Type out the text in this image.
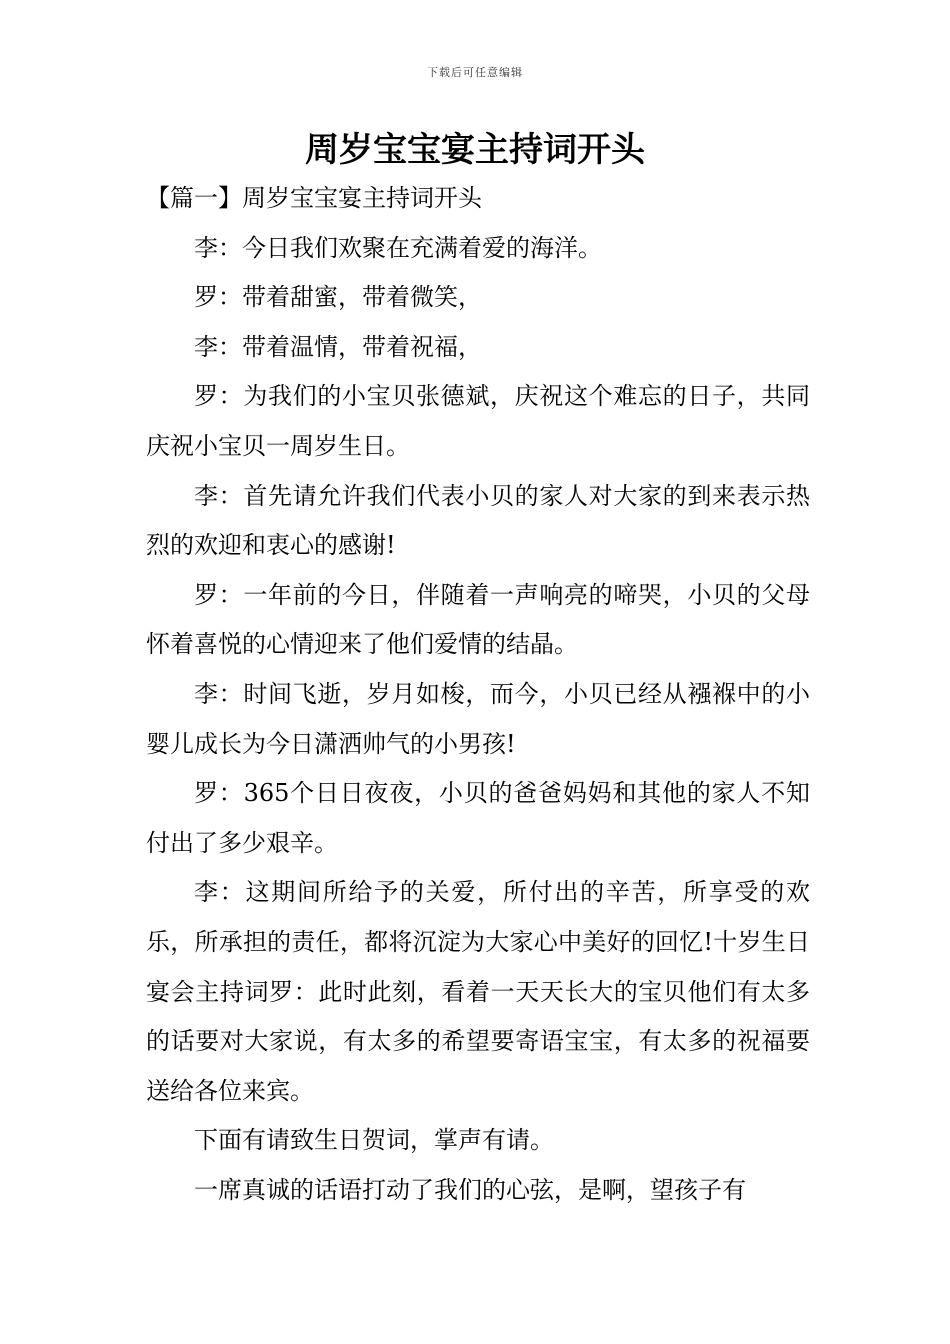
下载后可任意编辑
周岁宝宝宴主持词开头

【篇一】周岁宝宝宴主持词开头

李：今日我们欢聚在充满着爱的海洋。

罗：带着甜蜜，带着微笑，

李：带着温情，带着祝福，

罗：为我们的小宝贝张德斌，庆祝这个难忘的日子，共同庆祝小宝贝一周岁生日。

李：首先请允许我们代表小贝的家人对大家的到来表示热烈的欢迎和衷心的感谢!

罗：一年前的今日，伴随着一声响亮的啼哭，小贝的父母怀着喜悦的心情迎来了他们爱情的结晶。

李：时间飞逝，岁月如梭，而今，小贝已经从襁褓中的小婴儿成长为今日潇洒帅气的小男孩!

罗：365个日日夜夜，小贝的爸爸妈妈和其他的家人不知付出了多少艰辛。

李：这期间所给予的关爱，所付出的辛苦，所享受的欢乐，所承担的责任，都将沉淀为大家心中美好的回忆!十岁生日宴会主持词罗：此时此刻，看着一天天长大的宝贝他们有太多的话要对大家说，有太多的希望要寄语宝宝，有太多的祝福要送给各位来宾。

下面有请致生日贺词，掌声有请。

一席真诚的话语打动了我们的心弦，是啊，望孩子有
